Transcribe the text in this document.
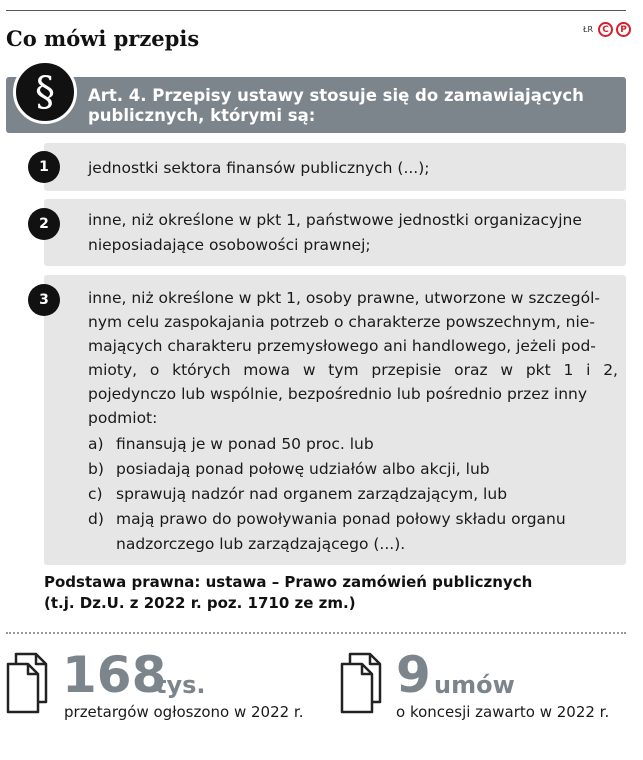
Co mówi przepis	ŁR	C	P
§	Art. 4. Przepisy ustawy stosuje się do zamawiających publicznych, którymi są:
1	jednostki sektora finansów publicznych (...);
2	inne, niż określone w pkt 1, państwowe jednostki organizacyjne
nieposiadające osobowości prawnej;
3	inne, niż określone w pkt 1, osoby prawne, utworzone w szczegól-
nym celu zaspokajania potrzeb o charakterze powszechnym, nie-
mających charakteru przemysłowego ani handlowego, jeżeli pod-
mioty, o których mowa w tym przepisie oraz w pkt 1 i 2,
pojedynczo lub wspólnie, bezpośrednio lub pośrednio przez inny
podmiot:
a) finansują je w ponad 50 proc. lub
b) posiadają ponad połowę udziałów albo akcji, lub
c) sprawują nadzór nad organem zarządzającym, lub
d) mają prawo do powoływania ponad połowy składu organu
nadzorczego lub zarządzającego (...).
Podstawa prawna: ustawa – Prawo zamówień publicznych
(t.j. Dz.U. z 2022 r. poz. 1710 ze zm.)
168
tys.
przetargów ogłoszono w 2022 r.
9 umów
o koncesji zawarto w 2022 r.
